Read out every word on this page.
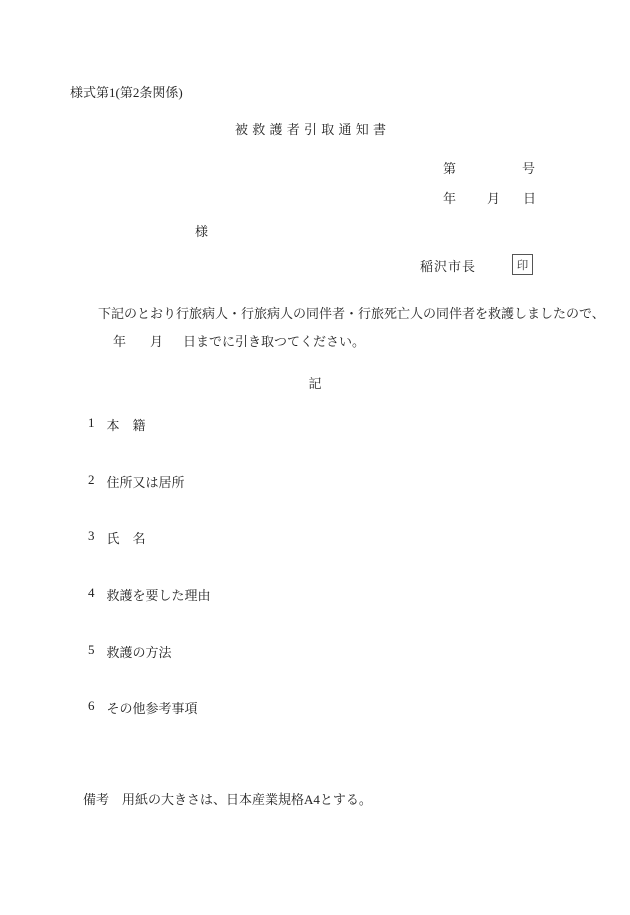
様式第1(第2条関係)
被 救 護 者 引 取 通 知 書
第	号
年 月 日
様
稲沢市長	印
下記のとおり行旅病人・行旅病人の同伴者・行旅死亡人の同伴者を救護しましたので、
年 月 日までに引き取つてください。
記
1 本　籍
2 住所又は居所
3 氏　名
4 救護を要した理由
5 救護の方法
6 その他参考事項
備考 用紙の大きさは、日本産業規格A4とする。
